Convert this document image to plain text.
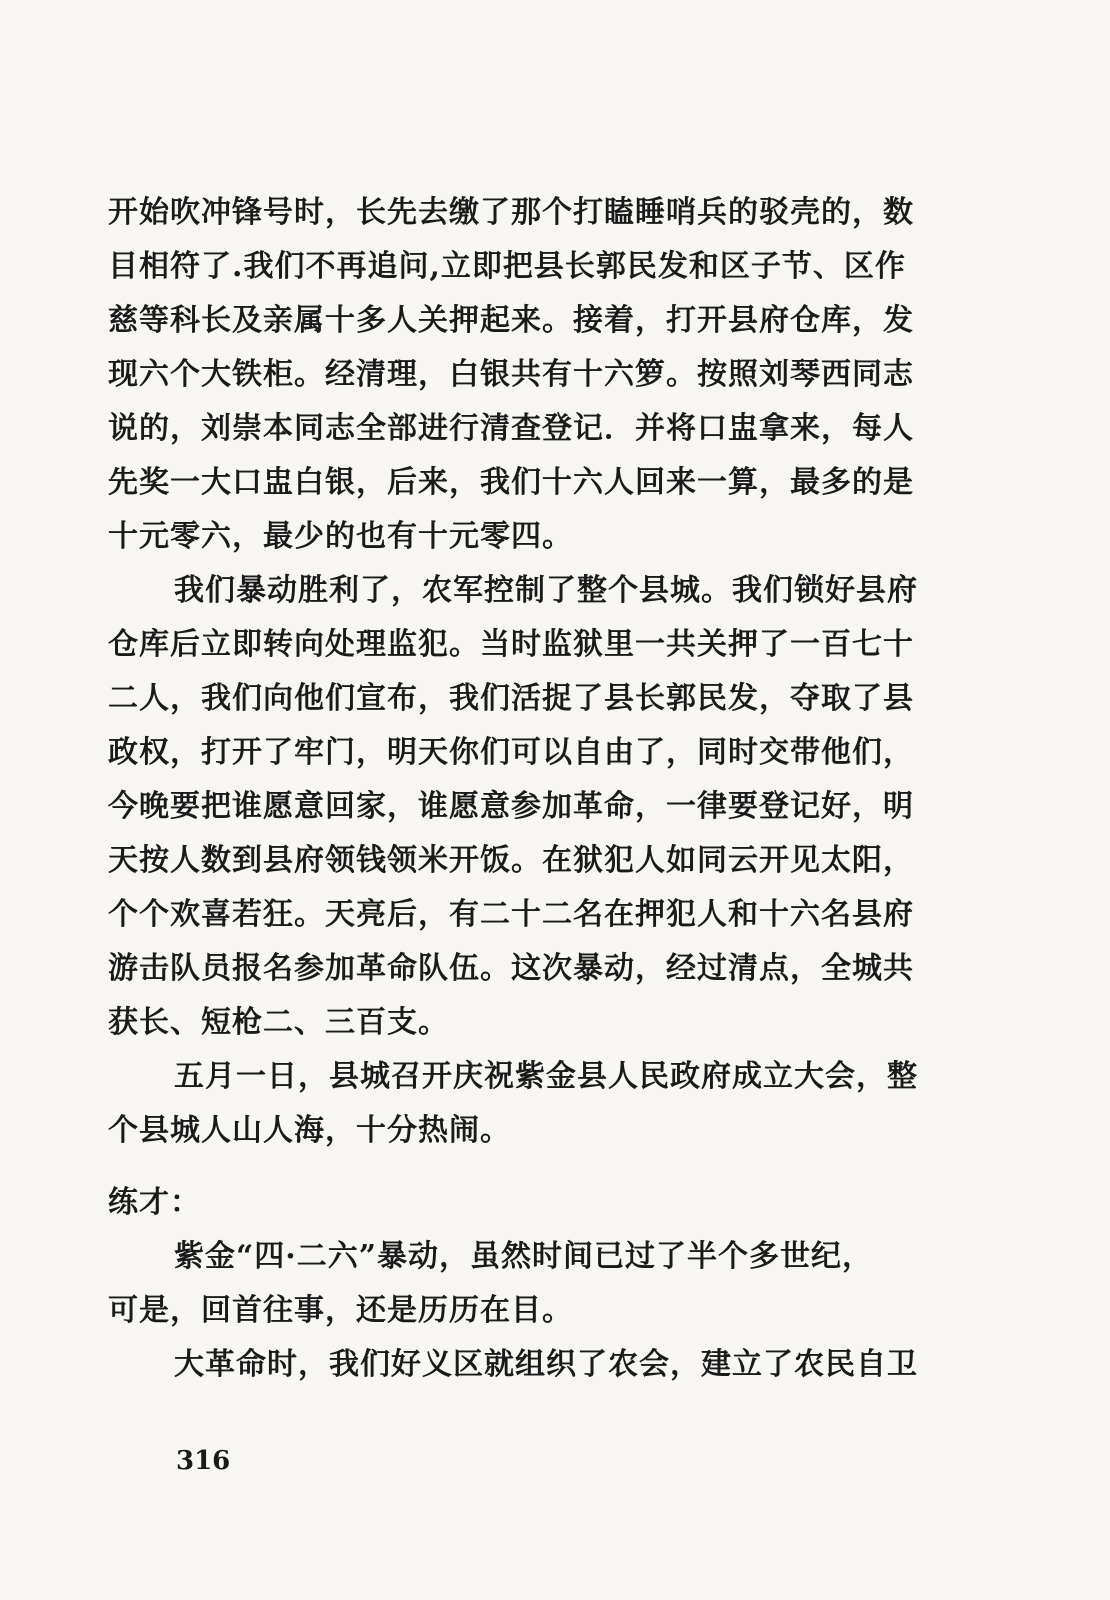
开始吹冲锋号时，长先去缴了那个打瞌睡哨兵的驳壳的，数
目相符了.我们不再追问,立即把县长郭民发和区子节、区作
慈等科长及亲属十多人关押起来。接着，打开县府仓库，发
现六个大铁柜。经清理，白银共有十六箩。按照刘琴西同志
说的，刘崇本同志全部进行清查登记．并将口盅拿来，每人
先奖一大口盅白银，后来，我们十六人回来一算，最多的是
十元零六，最少的也有十元零四。
我们暴动胜利了，农军控制了整个县城。我们锁好县府
仓库后立即转向处理监犯。当时监狱里一共关押了一百七十
二人，我们向他们宣布，我们活捉了县长郭民发，夺取了县
政权，打开了牢门，明天你们可以自由了，同时交带他们，
今晚要把谁愿意回家，谁愿意参加革命，一律要登记好，明
天按人数到县府领钱领米开饭。在狱犯人如同云开见太阳，
个个欢喜若狂。天亮后，有二十二名在押犯人和十六名县府
游击队员报名参加革命队伍。这次暴动，经过清点，全城共
获长、短枪二、三百支。
五月一日，县城召开庆祝紫金县人民政府成立大会，整
个县城人山人海，十分热闹。
练才：
紫金“四·二六”暴动，虽然时间已过了半个多世纪，
可是，回首往事，还是历历在目。
大革命时，我们好义区就组织了农会，建立了农民自卫
316
